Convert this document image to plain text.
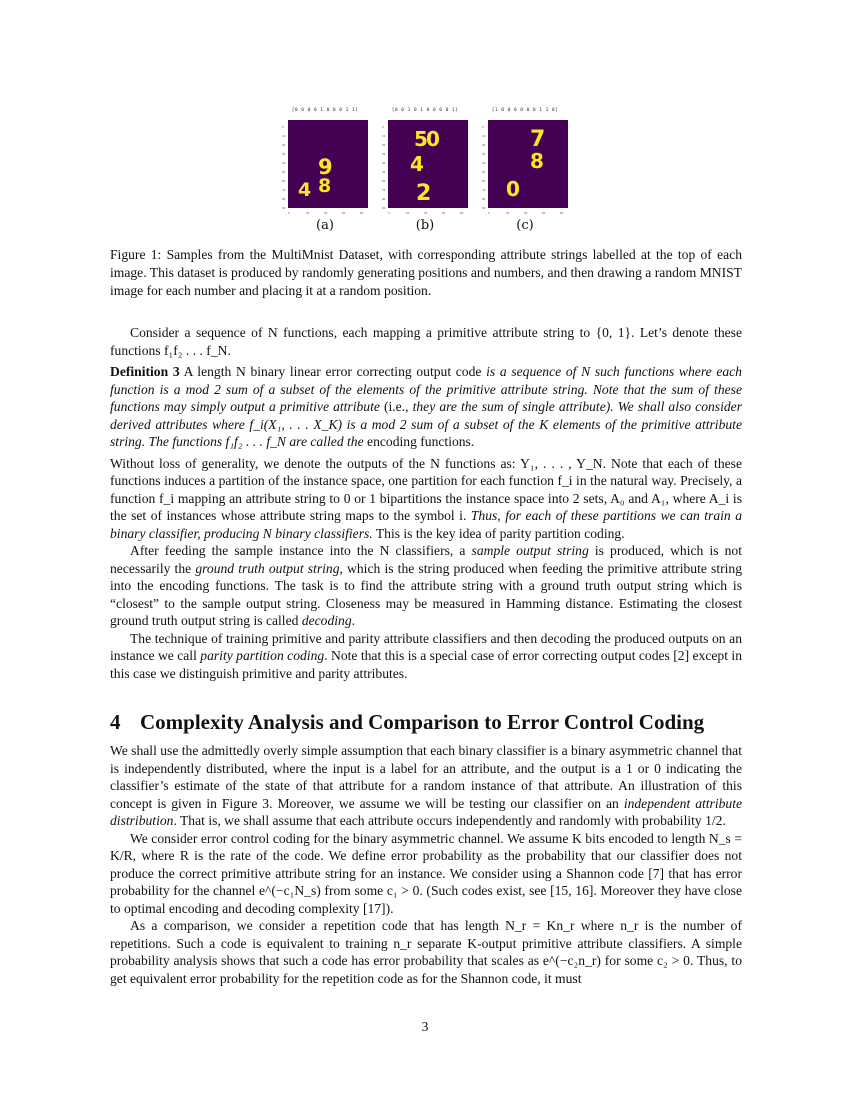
[0 0 0 0 1 0 0 0 1 1]
0
10
20
30
40
50
60
70
80
90
0	20	40	60	80
9
4 8
(a)
[0 0 1 0 1 0 0 0 0 1]
0
10
20
30
40
50
60
70
80
90
0	20	40	60	80
5
0
4
2
(b)
[1 0 0 0 0 0 0 1 1 0]
0
10
20
30
40
50
60
70
80
90
0	20	40	60	80
7
8
0
(c)
Figure 1: Samples from the MultiMnist Dataset, with corresponding attribute strings labelled at the top of each image. This dataset is produced by randomly generating positions and numbers, and then drawing a random MNIST image for each number and placing it at a random position.

Consider a sequence of N functions, each mapping a primitive attribute string to {0, 1}. Let’s denote these functions f₁f₂ . . . f_N.

Definition 3 A length N binary linear error correcting output code is a sequence of N such functions where each function is a mod 2 sum of a subset of the elements of the primitive attribute string. Note that the sum of these functions may simply output a primitive attribute (i.e., they are the sum of single attribute). We shall also consider derived attributes where f_i(X₁, . . . X_K) is a mod 2 sum of a subset of the K elements of the primitive attribute string. The functions f₁f₂ . . . f_N are called the encoding functions.

Without loss of generality, we denote the outputs of the N functions as: Y₁, . . . , Y_N. Note that each of these functions induces a partition of the instance space, one partition for each function f_i in the natural way. Precisely, a function f_i mapping an attribute string to 0 or 1 bipartitions the instance space into 2 sets, A₀ and A₁, where A_i is the set of instances whose attribute string maps to the symbol i. Thus, for each of these partitions we can train a binary classifier, producing N binary classifiers. This is the key idea of parity partition coding.

After feeding the sample instance into the N classifiers, a sample output string is produced, which is not necessarily the ground truth output string, which is the string produced when feeding the primitive attribute string into the encoding functions. The task is to find the attribute string with a ground truth output string which is “closest” to the sample output string. Closeness may be measured in Hamming distance. Estimating the closest ground truth output string is called decoding.

The technique of training primitive and parity attribute classifiers and then decoding the produced outputs on an instance we call parity partition coding. Note that this is a special case of error correcting output codes [2] except in this case we distinguish primitive and parity attributes.

4 Complexity Analysis and Comparison to Error Control Coding

We shall use the admittedly overly simple assumption that each binary classifier is a binary asymmetric channel that is independently distributed, where the input is a label for an attribute, and the output is a 1 or 0 indicating the classifier’s estimate of the state of that attribute for a random instance of that attribute. An illustration of this concept is given in Figure 3. Moreover, we assume we will be testing our classifier on an independent attribute distribution. That is, we shall assume that each attribute occurs independently and randomly with probability 1/2.

We consider error control coding for the binary asymmetric channel. We assume K bits encoded to length N_s = K/R, where R is the rate of the code. We define error probability as the probability that our classifier does not produce the correct primitive attribute string for an instance. We consider using a Shannon code [7] that has error probability for the channel e^(−c₁N_s) from some c₁ > 0. (Such codes exist, see [15, 16]. Moreover they have close to optimal encoding and decoding complexity [17]).

As a comparison, we consider a repetition code that has length N_r = Kn_r where n_r is the number of repetitions. Such a code is equivalent to training n_r separate K-output primitive attribute classifiers. A simple probability analysis shows that such a code has error probability that scales as e^(−c₂n_r) for some c₂ > 0. Thus, to get equivalent error probability for the repetition code as for the Shannon code, it must

3
